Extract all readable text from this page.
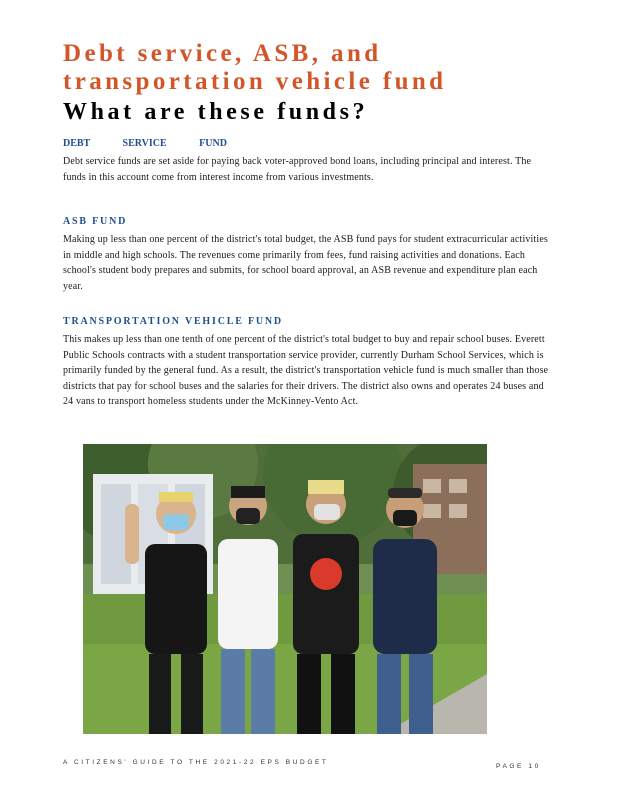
Debt service, ASB, and
transportation vehicle fund
What are these funds?

DEBT SERVICE FUND

Debt service funds are set aside for paying back voter-approved bond loans, including principal and interest. The funds in this account come from interest income from various investments.

ASB FUND

Making up less than one percent of the district's total budget, the ASB fund pays for student extracurricular activities in middle and high schools. The revenues come primarily from fees, fund raising activities and donations. Each school's student body prepares and submits, for school board approval, an ASB revenue and expenditure plan each year.

TRANSPORTATION VEHICLE FUND

This makes up less than one tenth of one percent of the district's total budget to buy and repair school buses. Everett Public Schools contracts with a student transportation service provider, currently Durham School Services, which is primarily funded by the general fund. As a result, the district's transportation vehicle fund is much smaller than those districts that pay for school buses and the salaries for their drivers. The district also owns and operates 24 buses and 24 vans to transport homeless students under the McKinney-Vento Act.

A CITIZENS' GUIDE TO THE 2021-22 EPS BUDGET
PAGE 10
